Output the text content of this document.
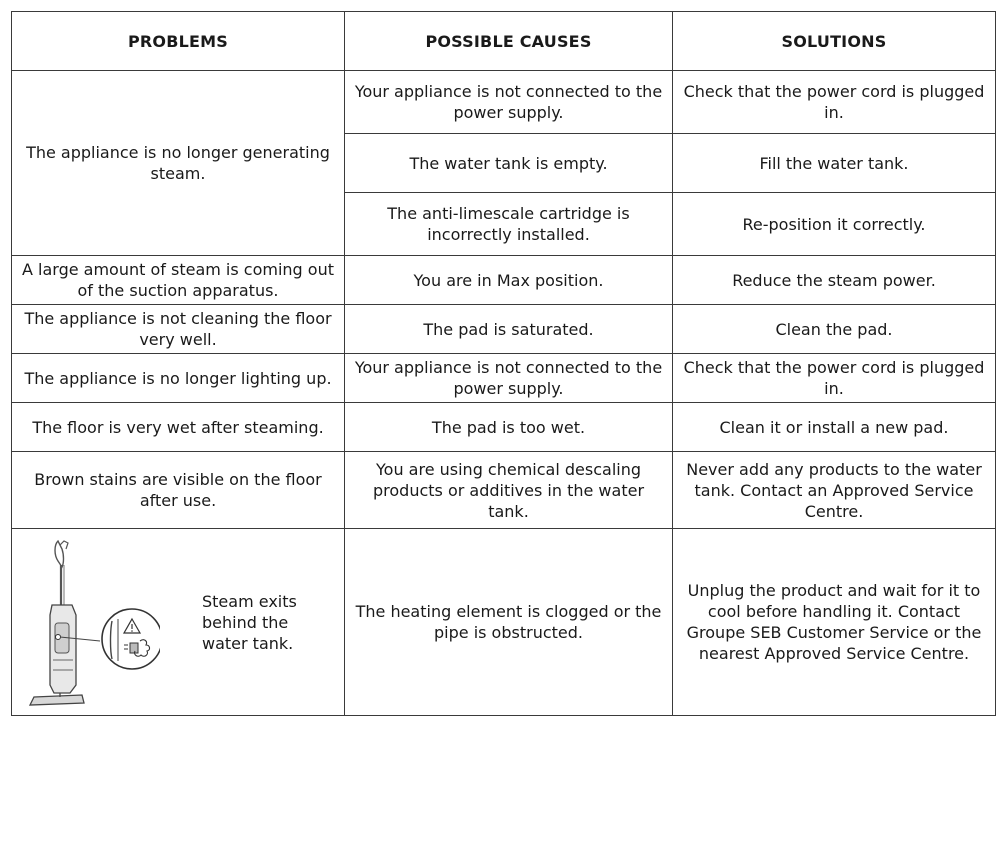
PROBLEMS	POSSIBLE CAUSES	SOLUTIONS
The appliance is no longer generating steam.	Your appliance is not connected to the power supply.	Check that the power cord is plugged in.
	The water tank is empty.	Fill the water tank.
	The anti-limescale cartridge is incorrectly installed.	Re-position it correctly.
A large amount of steam is coming out of the suction apparatus.	You are in Max position.	Reduce the steam power.
The appliance is not cleaning the floor very well.	The pad is saturated.	Clean the pad.
The appliance is no longer lighting up.	Your appliance is not connected to the power supply.	Check that the power cord is plugged in.
The floor is very wet after steaming.	The pad is too wet.	Clean it or install a new pad.
Brown stains are visible on the floor after use.	You are using chemical descaling products or additives in the water tank.	Never add any products to the water tank. Contact an Approved Service Centre.

Steam exits behind the water tank.	The heating element is clogged or the pipe is obstructed.	Unplug the product and wait for it to cool before handling it. Contact Groupe SEB Customer Service or the nearest Approved Service Centre.
